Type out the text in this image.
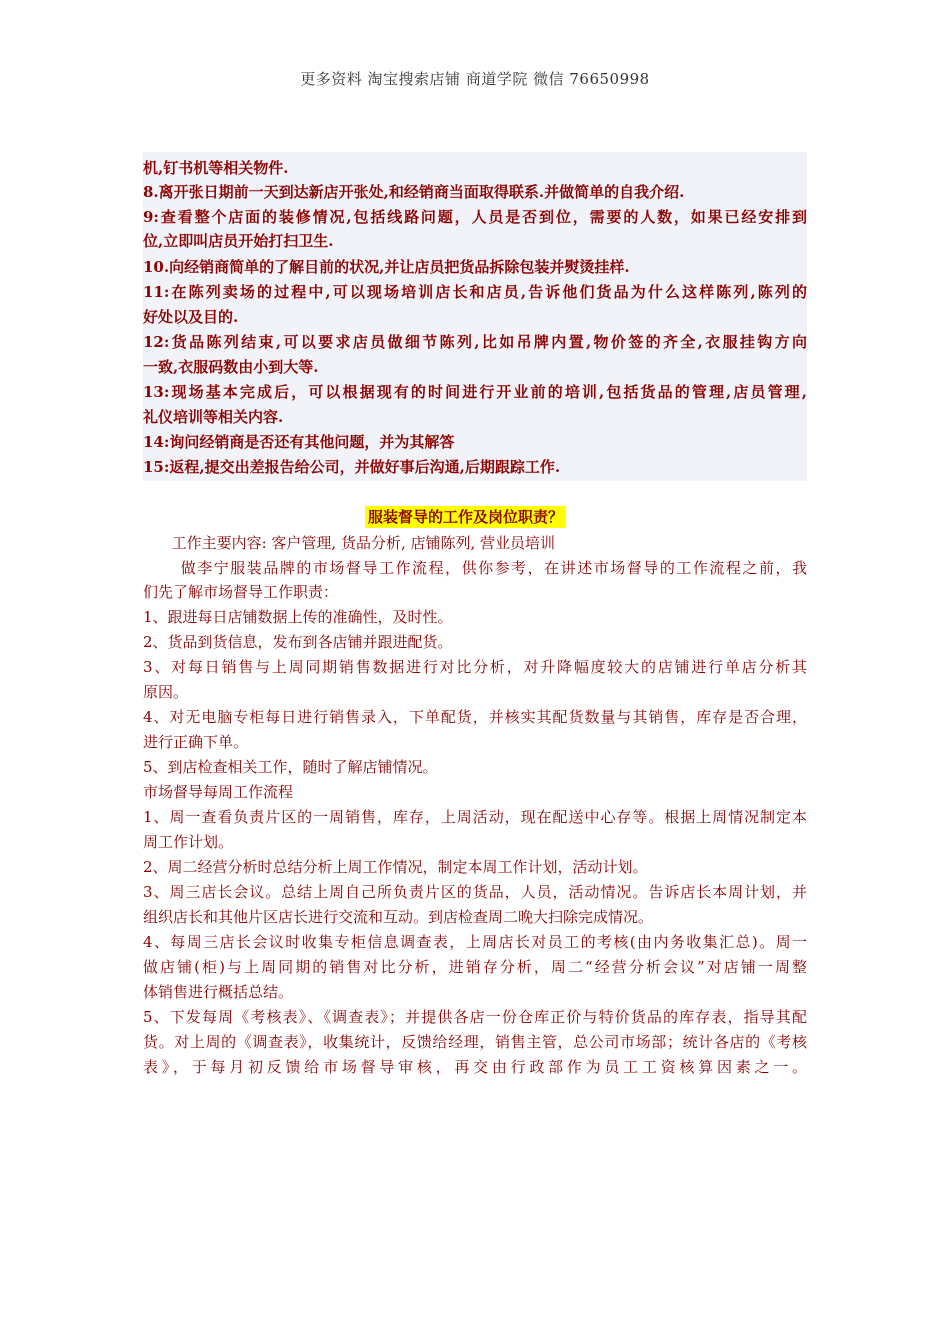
更多资料 淘宝搜索店铺 商道学院 微信 76650998
机,钉书机等相关物件.
8.离开张日期前一天到达新店开张处,和经销商当面取得联系.并做简单的自我介绍.
9:查看整个店面的装修情况,包括线路问题，人员是否到位，需要的人数，如果已经安排到
位,立即叫店员开始打扫卫生.
10.向经销商简单的了解目前的状况,并让店员把货品拆除包装并熨烫挂样.
11:在陈列卖场的过程中,可以现场培训店长和店员,告诉他们货品为什么这样陈列,陈列的
好处以及目的.
12:货品陈列结束,可以要求店员做细节陈列,比如吊牌内置,物价签的齐全,衣服挂钩方向
一致,衣服码数由小到大等.
13:现场基本完成后，可以根据现有的时间进行开业前的培训,包括货品的管理,店员管理,
礼仪培训等相关内容.
14:询问经销商是否还有其他问题，并为其解答
15:返程,提交出差报告给公司，并做好事后沟通,后期跟踪工作.
服装督导的工作及岗位职责？
工作主要内容: 客户管理, 货品分析, 店铺陈列, 营业员培训
做李宁服装品牌的市场督导工作流程，供你参考，在讲述市场督导的工作流程之前，我
们先了解市场督导工作职责：
1、跟进每日店铺数据上传的准确性，及时性。
2、货品到货信息，发布到各店铺并跟进配货。
3、对每日销售与上周同期销售数据进行对比分析，对升降幅度较大的店铺进行单店分析其
原因。
4、对无电脑专柜每日进行销售录入，下单配货，并核实其配货数量与其销售，库存是否合理，
进行正确下单。
5、到店检查相关工作，随时了解店铺情况。
市场督导每周工作流程
1、周一查看负责片区的一周销售，库存，上周活动，现在配送中心存等。根据上周情况制定本
周工作计划。
2、周二经营分析时总结分析上周工作情况，制定本周工作计划，活动计划。
3、周三店长会议。总结上周自己所负责片区的货品，人员，活动情况。告诉店长本周计划，并
组织店长和其他片区店长进行交流和互动。到店检查周二晚大扫除完成情况。
4、每周三店长会议时收集专柜信息调查表，上周店长对员工的考核(由内务收集汇总)。周一
做店铺(柜)与上周同期的销售对比分析，进销存分析，周二“经营分析会议”对店铺一周整
体销售进行概括总结。
5、下发每周《考核表》、《调查表》；并提供各店一份仓库正价与特价货品的库存表，指导其配
货。对上周的《调查表》，收集统计，反馈给经理，销售主管，总公司市场部；统计各店的《考核
表》，于每月初反馈给市场督导审核，再交由行政部作为员工工资核算因素之一。
